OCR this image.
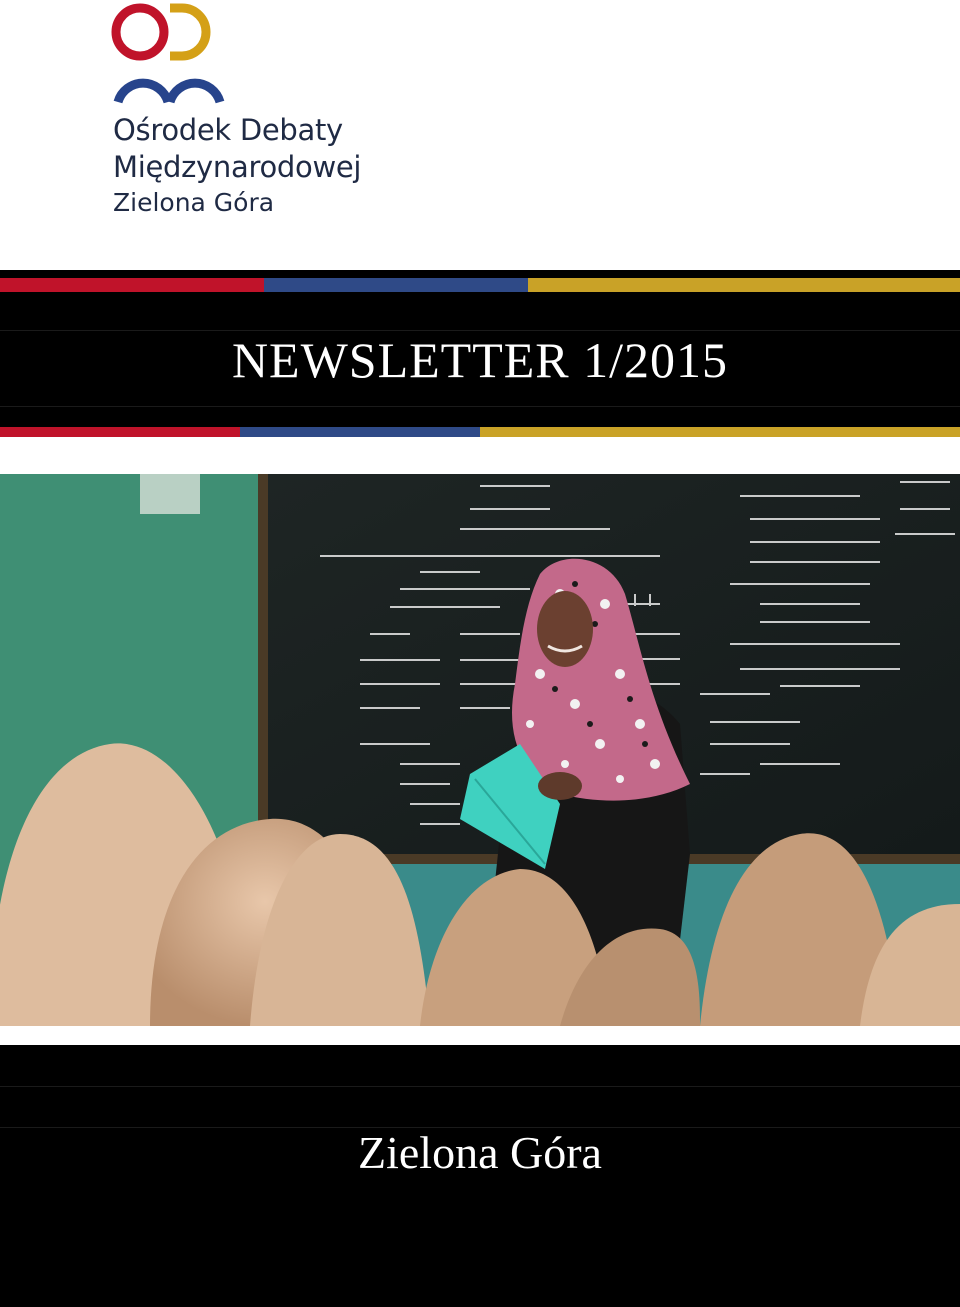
Ośrodek Debaty
Międzynarodowej
Zielona Góra
NEWSLETTER 1/2015
Zielona Góra
